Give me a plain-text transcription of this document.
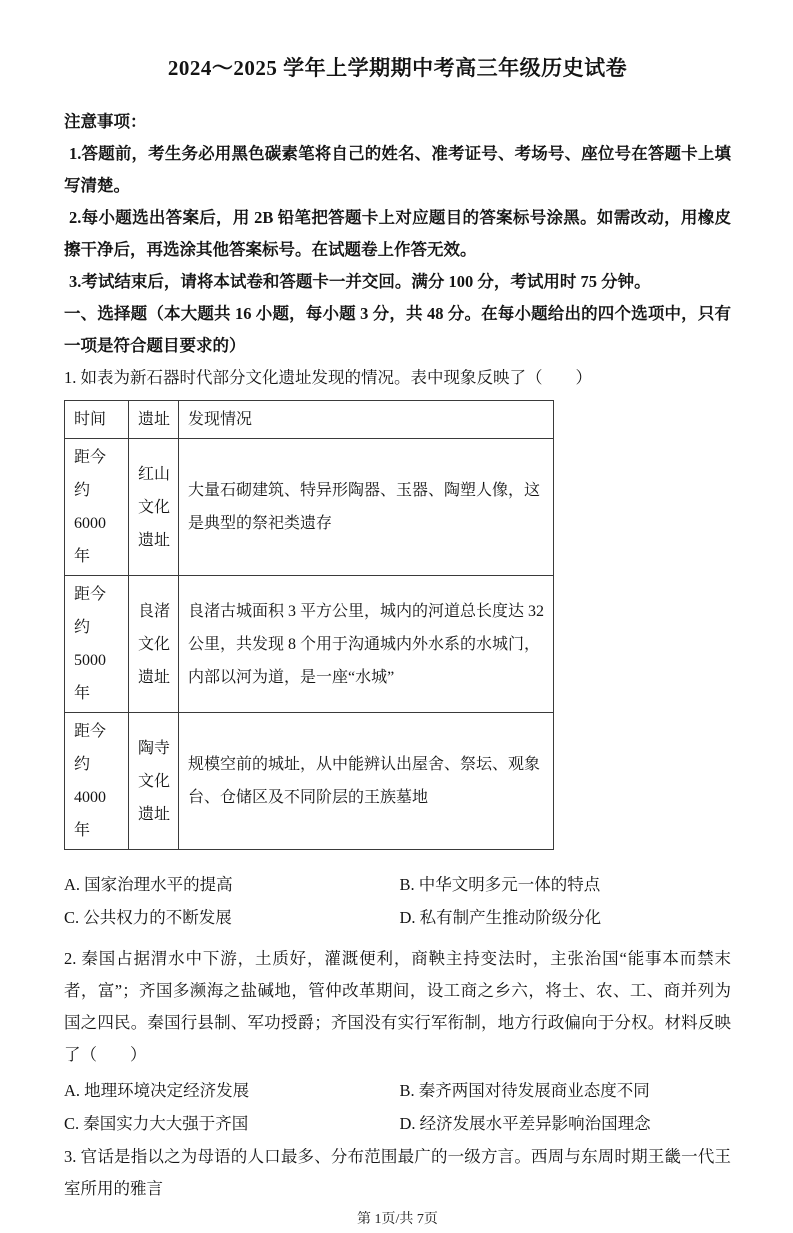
2024～2025 学年上学期期中考高三年级历史试卷

注意事项：

1.答题前，考生务必用黑色碳素笔将自己的姓名、准考证号、考场号、座位号在答题卡上填写清楚。

2.每小题选出答案后，用 2B 铅笔把答题卡上对应题目的答案标号涂黑。如需改动，用橡皮擦干净后，再选涂其他答案标号。在试题卷上作答无效。

3.考试结束后，请将本试卷和答题卡一并交回。满分 100 分，考试用时 75 分钟。

一、选择题（本大题共 16 小题，每小题 3 分，共 48 分。在每小题给出的四个选项中，只有一项是符合题目要求的）

1. 如表为新石器时代部分文化遗址发现的情况。表中现象反映了（　　）

时间	遗址	发现情况
距今约 6000 年	红山文化遗址	大量石砌建筑、特异形陶器、玉器、陶塑人像，这是典型的祭祀类遗存
距今约 5000 年	良渚文化遗址	良渚古城面积 3 平方公里，城内的河道总长度达 32 公里，共发现 8 个用于沟通城内外水系的水城门，内部以河为道，是一座“水城”
距今约 4000 年	陶寺文化遗址	规模空前的城址，从中能辨认出屋舍、祭坛、观象台、仓储区及不同阶层的王族墓地
A. 国家治理水平的提高	B. 中华文明多元一体的特点
C. 公共权力的不断发展	D. 私有制产生推动阶级分化

2. 秦国占据渭水中下游，土质好，灌溉便利，商鞅主持变法时，主张治国“能事本而禁末者，富”；齐国多濒海之盐碱地，管仲改革期间，设工商之乡六，将士、农、工、商并列为国之四民。秦国行县制、军功授爵；齐国没有实行军衔制，地方行政偏向于分权。材料反映了（　　）

A. 地理环境决定经济发展	B. 秦齐两国对待发展商业态度不同
C. 秦国实力大大强于齐国	D. 经济发展水平差异影响治国理念

3. 官话是指以之为母语的人口最多、分布范围最广的一级方言。西周与东周时期王畿一代王室所用的雅言

第 1页/共 7页
